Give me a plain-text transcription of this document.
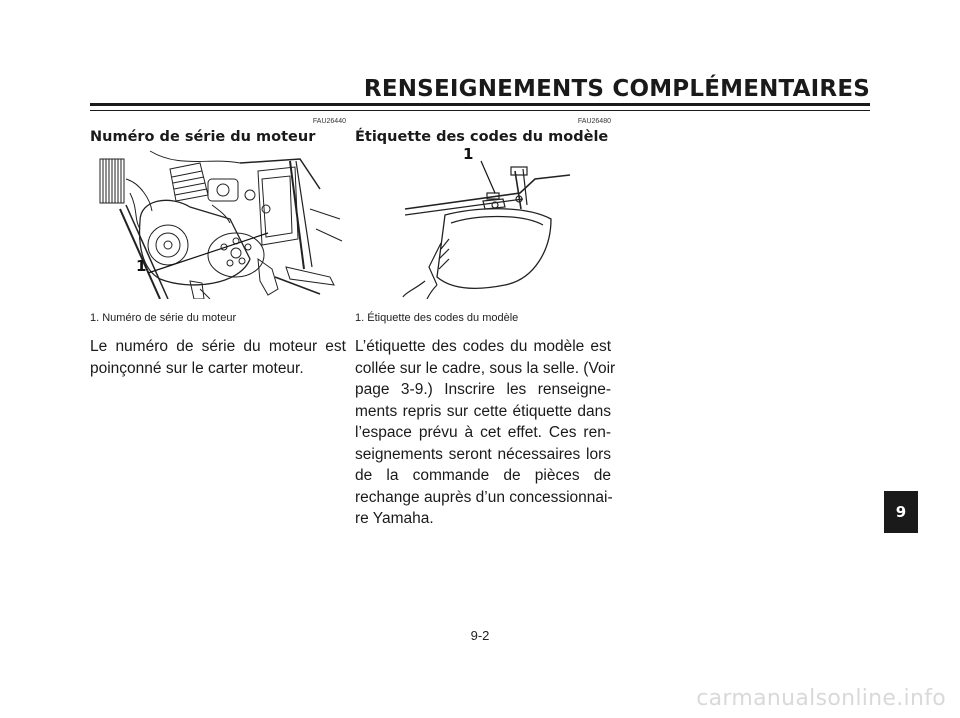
RENSEIGNEMENTS COMPLÉMENTAIRES
FAU26440
Numéro de série du moteur
1
1. Numéro de série du moteur
Le numéro de série du moteur est
poinçonné sur le carter moteur.
FAU26480
Étiquette des codes du modèle
1
1. Étiquette des codes du modèle
L’étiquette des codes du modèle est
collée sur le cadre, sous la selle. (Voir
page 3-9.) Inscrire les renseigne-
ments repris sur cette étiquette dans
l’espace prévu à cet effet. Ces ren-
seignements seront nécessaires lors
de la commande de pièces de
rechange auprès d’un concessionnai-
re Yamaha.	9
9-2
carmanualsonline.info
